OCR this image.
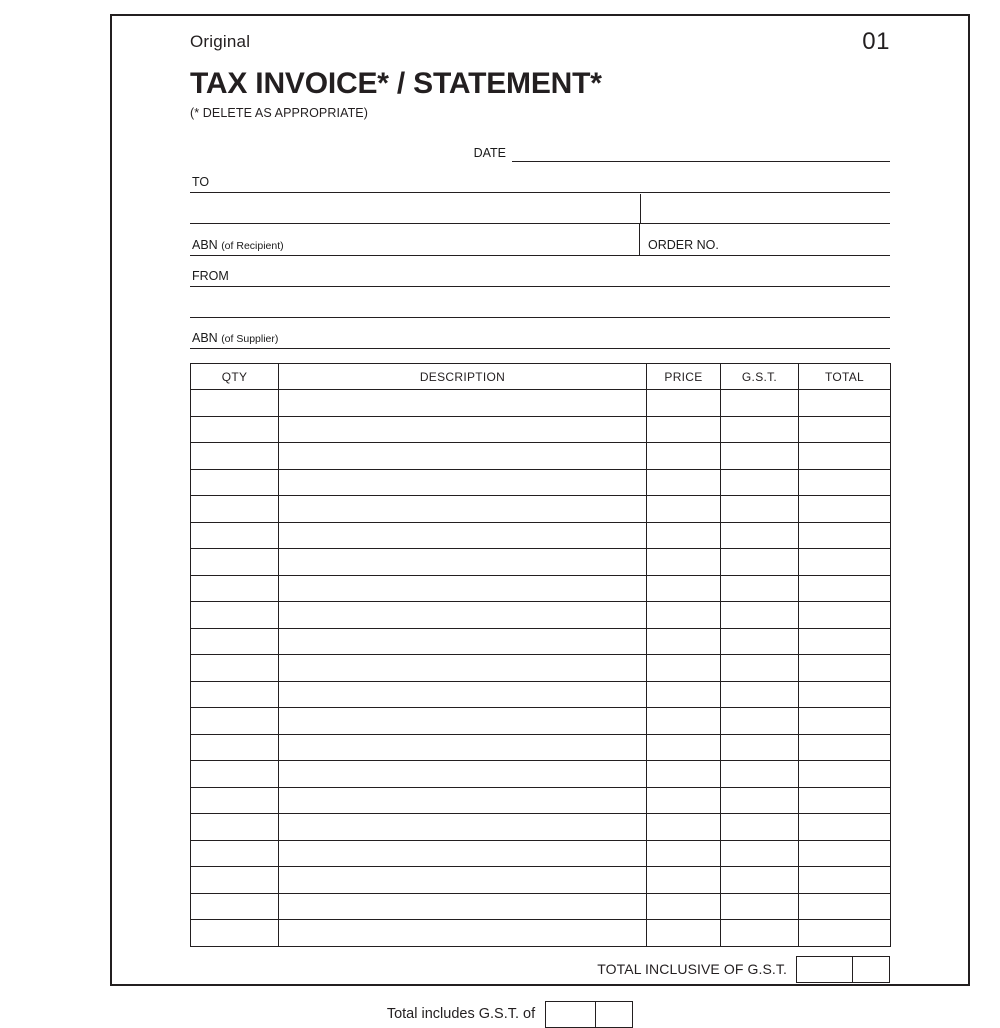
Original	01
TAX INVOICE* / STATEMENT*
(* DELETE AS APPROPRIATE)
DATE
TO
ABN (of Recipient)	ORDER NO.
FROM
ABN (of Supplier)
QTY	DESCRIPTION	PRICE	G.S.T.	TOTAL

TOTAL INCLUSIVE OF G.S.T.
Total includes G.S.T. of
